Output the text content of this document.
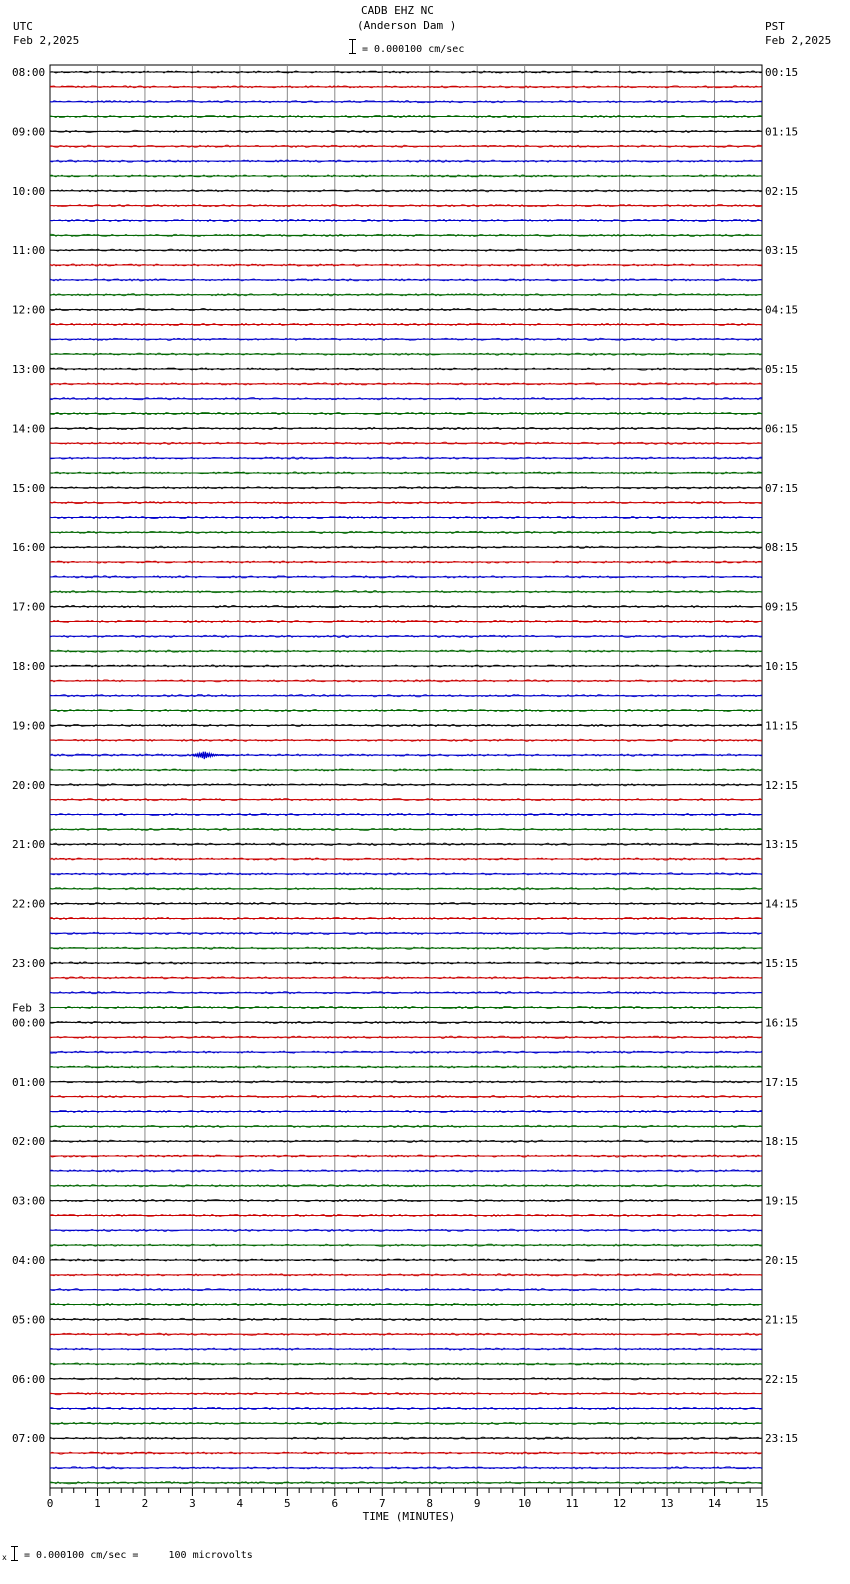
CADB EHZ NC
(Anderson Dam )
UTC
Feb 2,2025
PST
Feb 2,2025
= 0.000100 cm/sec
x = 0.000100 cm/sec =     100 microvolts
08:00
09:00
10:00
11:00
12:00
13:00
14:00
15:00
16:00
17:00
18:00
19:00
20:00
21:00
22:00
23:00
00:00
Feb 3
01:00
02:00
03:00
04:00
05:00
06:00
07:00
00:15
01:15
02:15
03:15
04:15
05:15
06:15
07:15
08:15
09:15
10:15
11:15
12:15
13:15
14:15
15:15
16:15
17:15
18:15
19:15
20:15
21:15
22:15
23:15
0	1	2	3	4	5	6	7	8	9	10	11	12	13	14	15
TIME (MINUTES)
